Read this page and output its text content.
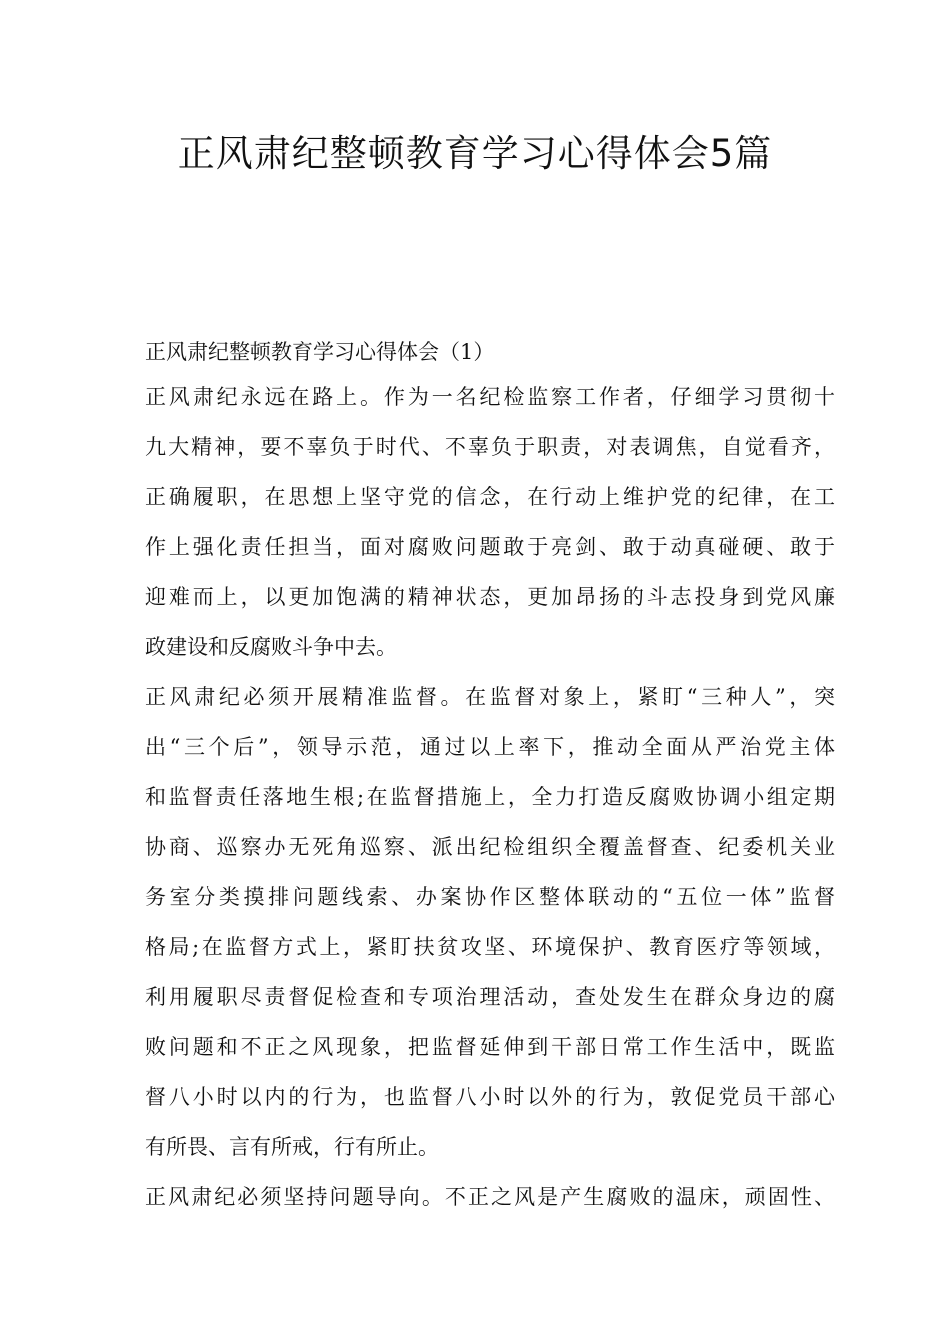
正风肃纪整顿教育学习心得体会5篇
正风肃纪整顿教育学习心得体会（1）
正风肃纪永远在路上。作为一名纪检监察工作者，仔细学习贯彻十
九大精神，要不辜负于时代、不辜负于职责，对表调焦，自觉看齐，
正确履职，在思想上坚守党的信念，在行动上维护党的纪律，在工
作上强化责任担当，面对腐败问题敢于亮剑、敢于动真碰硬、敢于
迎难而上，以更加饱满的精神状态，更加昂扬的斗志投身到党风廉
政建设和反腐败斗争中去。
正风肃纪必须开展精准监督。在监督对象上，紧盯“三种人”，突
出“三个后”，领导示范，通过以上率下，推动全面从严治党主体
和监督责任落地生根;在监督措施上，全力打造反腐败协调小组定期
协商、巡察办无死角巡察、派出纪检组织全覆盖督查、纪委机关业
务室分类摸排问题线索、办案协作区整体联动的“五位一体”监督
格局;在监督方式上，紧盯扶贫攻坚、环境保护、教育医疗等领域，
利用履职尽责督促检查和专项治理活动，查处发生在群众身边的腐
败问题和不正之风现象，把监督延伸到干部日常工作生活中，既监
督八小时以内的行为，也监督八小时以外的行为，敦促党员干部心
有所畏、言有所戒，行有所止。
正风肃纪必须坚持问题导向。不正之风是产生腐败的温床，顽固性、
